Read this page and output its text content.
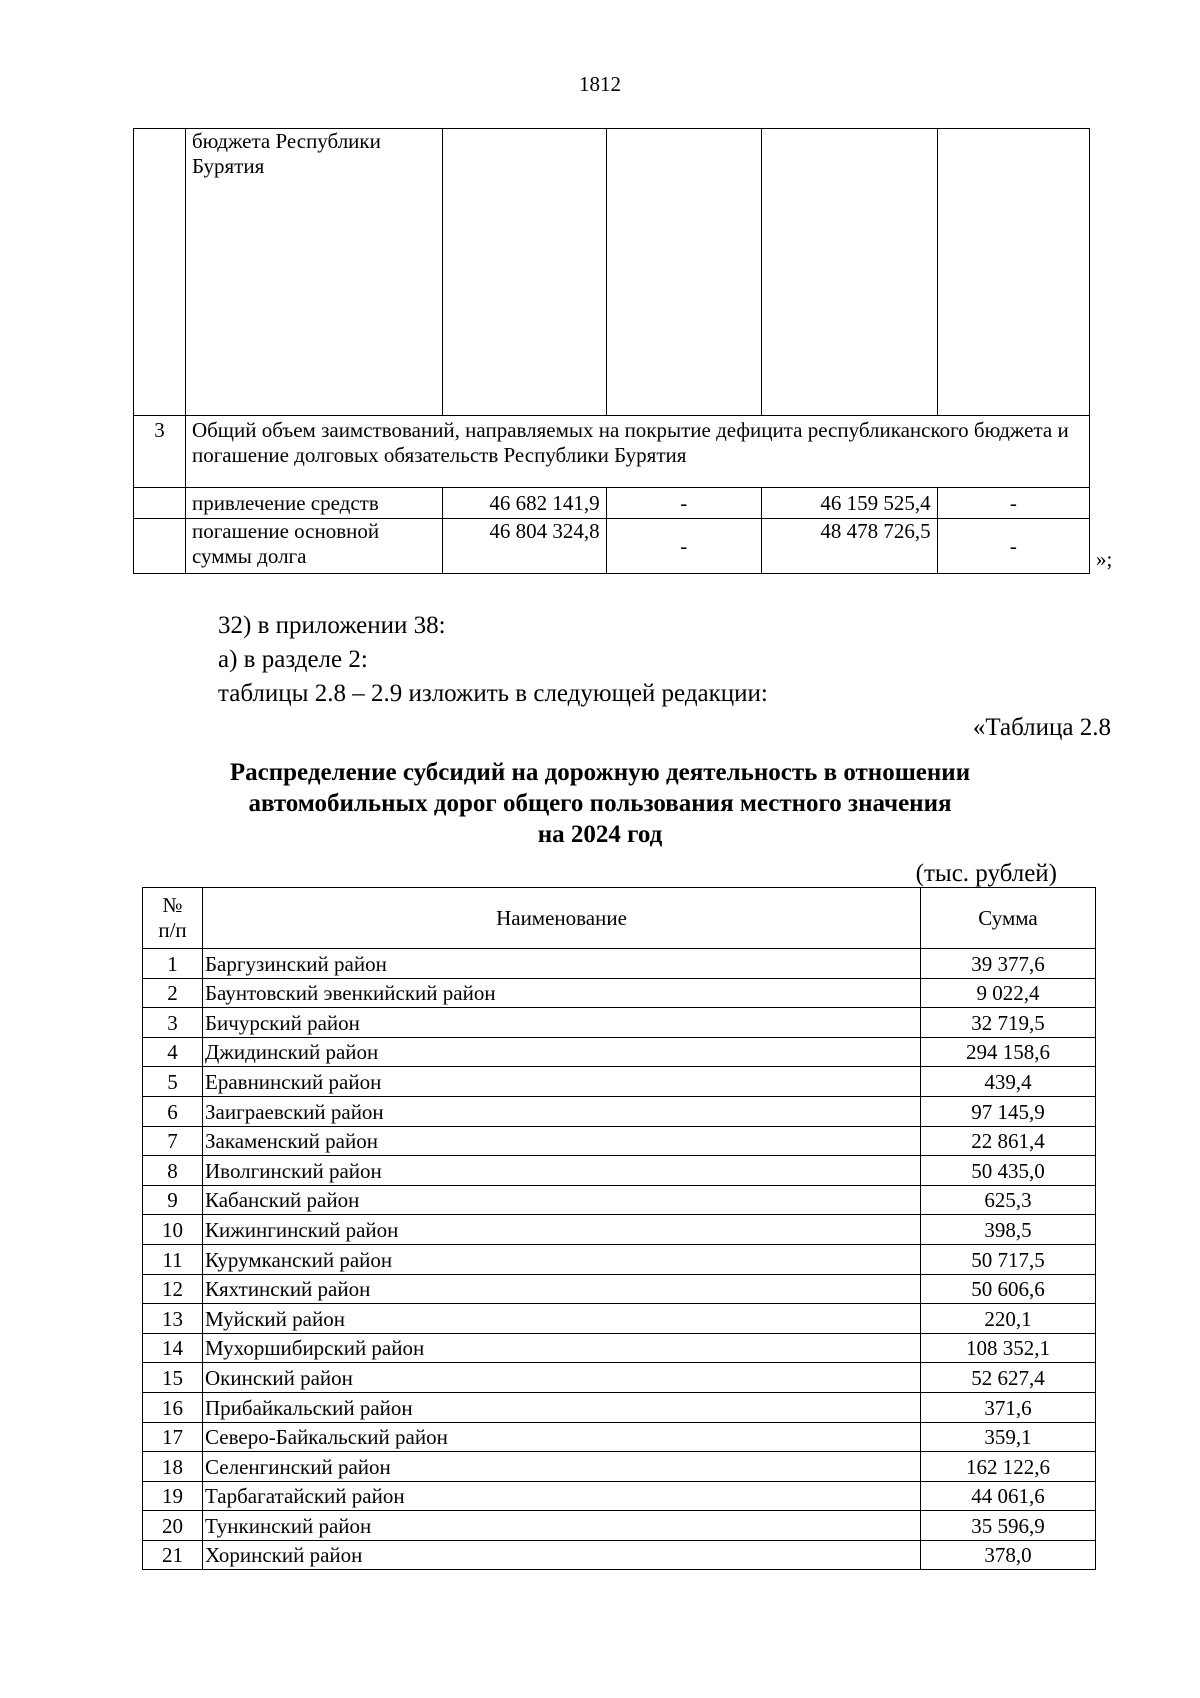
1812
	бюджета Республики Бурятия				
3	Общий объем заимствований, направляемых на покрытие дефицита республиканского бюджета и погашение долговых обязательств Республики Бурятия				
	привлечение средств	46 682 141,9	-	46 159 525,4	-
	погашение основной суммы долга	46 804 324,8	-	48 478 726,5	-
»;
32) в приложении 38:
а) в разделе 2:
таблицы 2.8 – 2.9 изложить в следующей редакции:
«Таблица 2.8
Распределение субсидий на дорожную деятельность в отношении
автомобильных дорог общего пользования местного значения
на 2024 год
(тыс. рублей)
№
п/п	Наименование	Сумма
1	Баргузинский район	39 377,6
2	Баунтовский эвенкийский район	9 022,4
3	Бичурский район	32 719,5
4	Джидинский район	294 158,6
5	Еравнинский район	439,4
6	Заиграевский район	97 145,9
7	Закаменский район	22 861,4
8	Иволгинский район	50 435,0
9	Кабанский район	625,3
10	Кижингинский район	398,5
11	Курумканский район	50 717,5
12	Кяхтинский район	50 606,6
13	Муйский район	220,1
14	Мухоршибирский район	108 352,1
15	Окинский район	52 627,4
16	Прибайкальский район	371,6
17	Северо-Байкальский район	359,1
18	Селенгинский район	162 122,6
19	Тарбагатайский район	44 061,6
20	Тункинский район	35 596,9
21	Хоринский район	378,0
